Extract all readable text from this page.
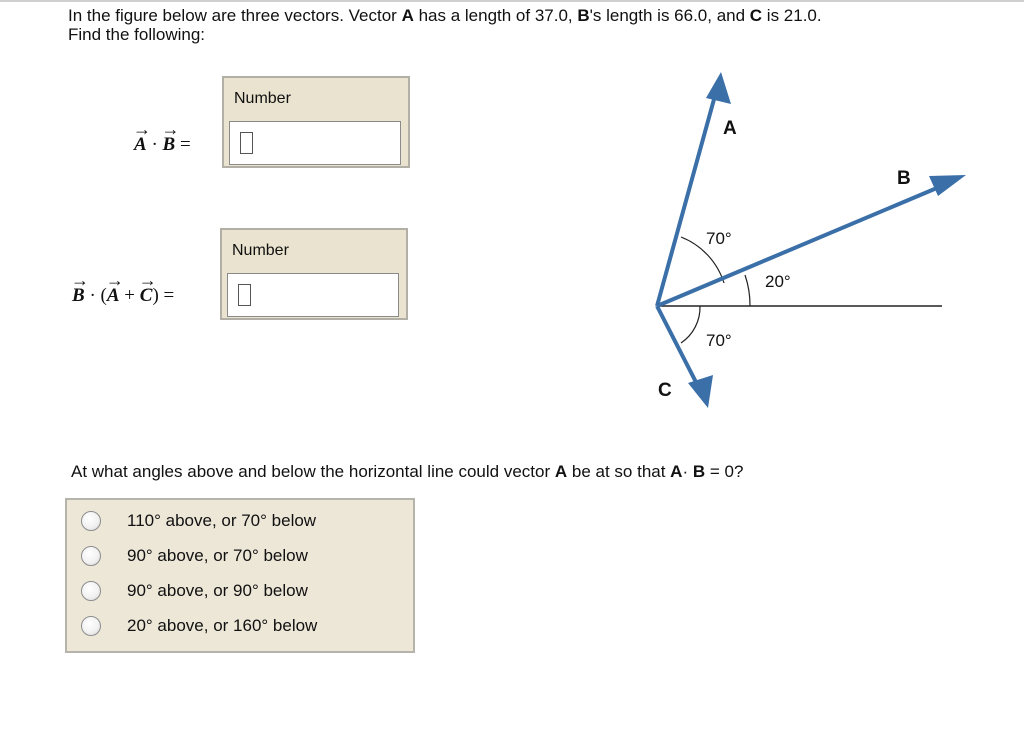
In the figure below are three vectors. Vector A has a length of 37.0, B's length is 66.0, and C is 21.0.
Find the following:
→ A · → B =
Number
→ B · (→ A + → C) =
Number
A
B
C
70°
20°
70°
At what angles above and below the horizontal line could vector A be at so that A· B = 0?
110° above, or 70° below
90° above, or 70° below
90° above, or 90° below
20° above, or 160° below
